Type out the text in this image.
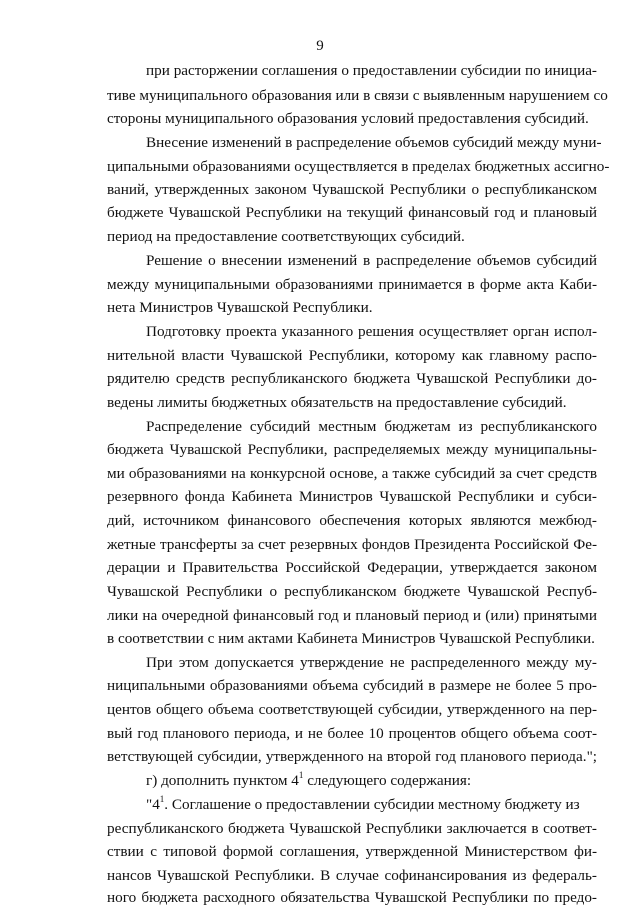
9
при расторжении соглашения о предоставлении субсидии по инициа-
тиве муниципального образования или в связи с выявленным нарушением со
стороны муниципального образования условий предоставления субсидий.
Внесение изменений в распределение объемов субсидий между муни-
ципальными образованиями осуществляется в пределах бюджетных ассигно-
ваний, утвержденных законом Чувашской Республики о республиканском
бюджете Чувашской Республики на текущий финансовый год и плановый
период на предоставление соответствующих субсидий.
Решение о внесении изменений в распределение объемов субсидий
между муниципальными образованиями принимается в форме акта Каби-
нета Министров Чувашской Республики.
Подготовку проекта указанного решения осуществляет орган испол-
нительной власти Чувашской Республики, которому как главному распо-
рядителю средств республиканского бюджета Чувашской Республики до-
ведены лимиты бюджетных обязательств на предоставление субсидий.
Распределение субсидий местным бюджетам из республиканского
бюджета Чувашской Республики, распределяемых между муниципальны-
ми образованиями на конкурсной основе, а также субсидий за счет средств
резервного фонда Кабинета Министров Чувашской Республики и субси-
дий, источником финансового обеспечения которых являются межбюд-
жетные трансферты за счет резервных фондов Президента Российской Фе-
дерации и Правительства Российской Федерации, утверждается законом
Чувашской Республики о республиканском бюджете Чувашской Респуб-
лики на очередной финансовый год и плановый период и (или) принятыми
в соответствии с ним актами Кабинета Министров Чувашской Республики.
При этом допускается утверждение не распределенного между му-
ниципальными образованиями объема субсидий в размере не более 5 про-
центов общего объема соответствующей субсидии, утвержденного на пер-
вый год планового периода, и не более 10 процентов общего объема соот-
ветствующей субсидии, утвержденного на второй год планового периода.";
г) дополнить пунктом $4^1$ следующего содержания:
"$4^1$. Соглашение о предоставлении субсидии местному бюджету из
республиканского бюджета Чувашской Республики заключается в соответ-
ствии с типовой формой соглашения, утвержденной Министерством фи-
нансов Чувашской Республики. В случае софинансирования из федераль-
ного бюджета расходного обязательства Чувашской Республики по предо-
